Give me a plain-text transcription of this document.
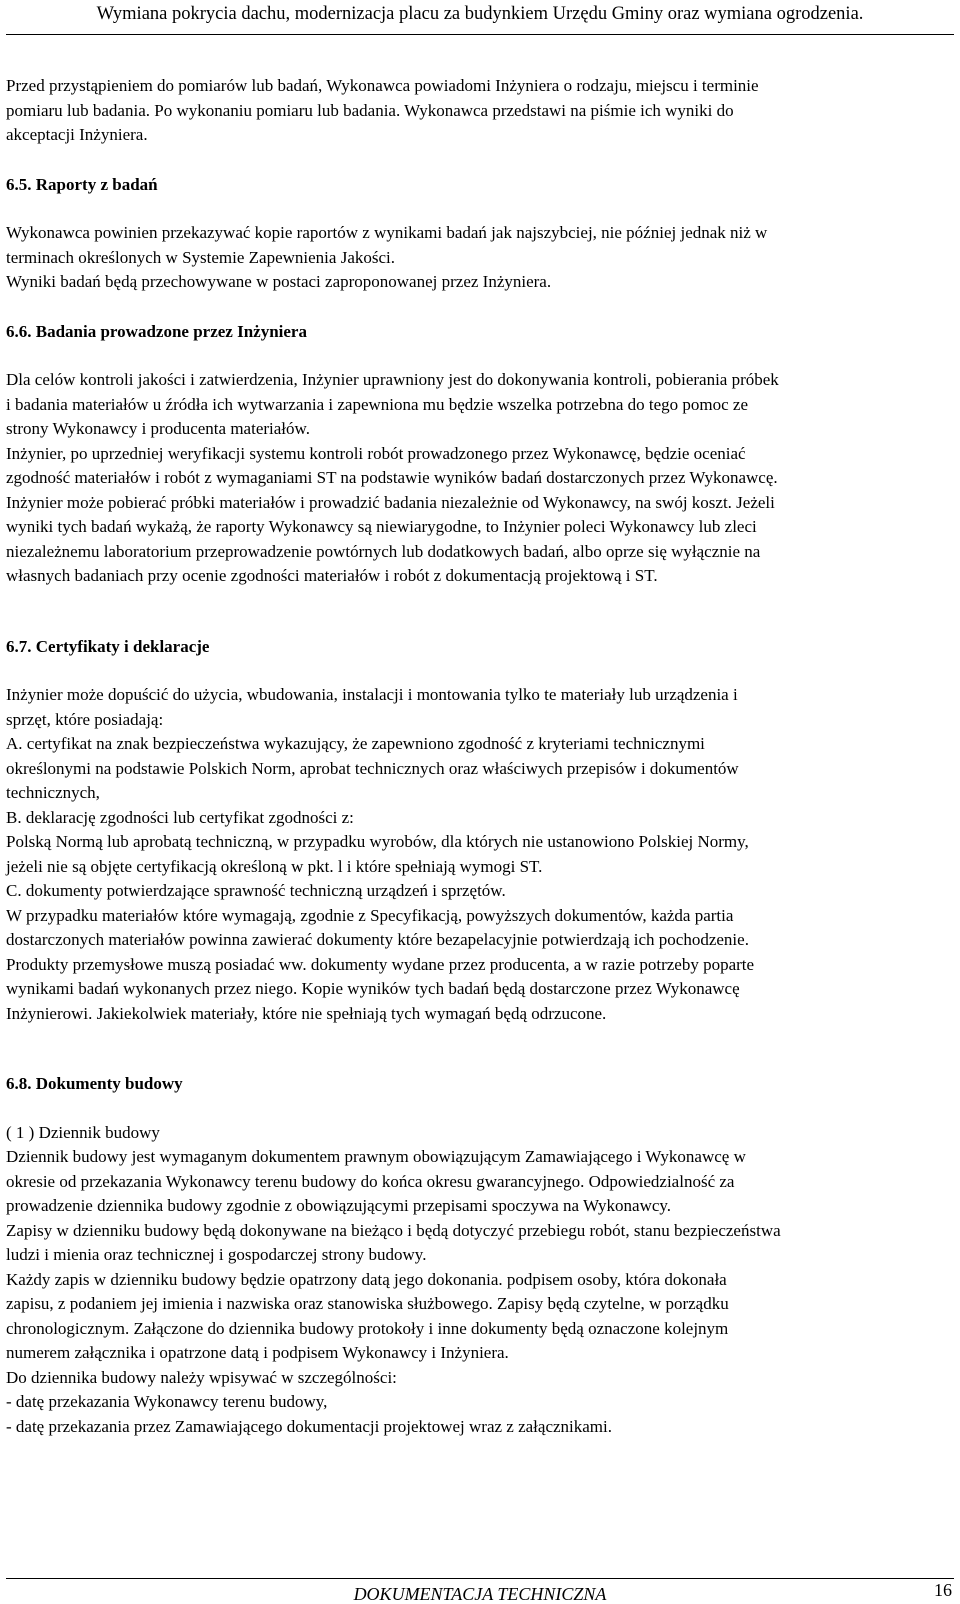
Wymiana pokrycia dachu, modernizacja placu za budynkiem Urzędu Gminy oraz wymiana ogrodzenia.

Przed przystąpieniem do pomiarów lub badań, Wykonawca powiadomi Inżyniera o rodzaju, miejscu i terminie

pomiaru lub badania. Po wykonaniu pomiaru lub badania. Wykonawca przedstawi na piśmie ich wyniki do

akceptacji Inżyniera.

6.5. Raporty z badań

Wykonawca powinien przekazywać kopie raportów z wynikami badań jak najszybciej, nie później jednak niż w

terminach określonych w Systemie Zapewnienia Jakości.

Wyniki badań będą przechowywane w postaci zaproponowanej przez Inżyniera.

6.6. Badania prowadzone przez Inżyniera

Dla celów kontroli jakości i zatwierdzenia, Inżynier uprawniony jest do dokonywania kontroli, pobierania próbek

i badania materiałów u źródła ich wytwarzania i zapewniona mu będzie wszelka potrzebna do tego pomoc ze

strony Wykonawcy i producenta materiałów.

Inżynier, po uprzedniej weryfikacji systemu kontroli robót prowadzonego przez Wykonawcę, będzie oceniać

zgodność materiałów i robót z wymaganiami ST na podstawie wyników badań dostarczonych przez Wykonawcę.

Inżynier może pobierać próbki materiałów i prowadzić badania niezależnie od Wykonawcy, na swój koszt. Jeżeli

wyniki tych badań wykażą, że raporty Wykonawcy są niewiarygodne, to Inżynier poleci Wykonawcy lub zleci

niezależnemu laboratorium przeprowadzenie powtórnych lub dodatkowych badań, albo oprze się wyłącznie na

własnych badaniach przy ocenie zgodności materiałów i robót z dokumentacją projektową i ST.

6.7. Certyfikaty i deklaracje

Inżynier może dopuścić do użycia, wbudowania, instalacji i montowania tylko te materiały lub urządzenia i

sprzęt, które posiadają:

A. certyfikat na znak bezpieczeństwa wykazujący, że zapewniono zgodność z kryteriami technicznymi

określonymi na podstawie Polskich Norm, aprobat technicznych oraz właściwych przepisów i dokumentów

technicznych,

B. deklarację zgodności lub certyfikat zgodności z:

Polską Normą lub aprobatą techniczną, w przypadku wyrobów, dla których nie ustanowiono Polskiej Normy,

jeżeli nie są objęte certyfikacją określoną w pkt. l i które spełniają wymogi ST.

C. dokumenty potwierdzające sprawność techniczną urządzeń i sprzętów.

W przypadku materiałów które wymagają, zgodnie z Specyfikacją, powyższych dokumentów, każda partia

dostarczonych materiałów powinna zawierać dokumenty które bezapelacyjnie potwierdzają ich pochodzenie.

Produkty przemysłowe muszą posiadać ww. dokumenty wydane przez producenta, a w razie potrzeby poparte

wynikami badań wykonanych przez niego. Kopie wyników tych badań będą dostarczone przez Wykonawcę

Inżynierowi. Jakiekolwiek materiały, które nie spełniają tych wymagań będą odrzucone.

6.8. Dokumenty budowy

( 1 ) Dziennik budowy

Dziennik budowy jest wymaganym dokumentem prawnym obowiązującym Zamawiającego i Wykonawcę w

okresie od przekazania Wykonawcy terenu budowy do końca okresu gwarancyjnego. Odpowiedzialność za

prowadzenie dziennika budowy zgodnie z obowiązującymi przepisami spoczywa na Wykonawcy.

Zapisy w dzienniku budowy będą dokonywane na bieżąco i będą dotyczyć przebiegu robót, stanu bezpieczeństwa

ludzi i mienia oraz technicznej i gospodarczej strony budowy.

Każdy zapis w dzienniku budowy będzie opatrzony datą jego dokonania. podpisem osoby, która dokonała

zapisu, z podaniem jej imienia i nazwiska oraz stanowiska służbowego. Zapisy będą czytelne, w porządku

chronologicznym. Załączone do dziennika budowy protokoły i inne dokumenty będą oznaczone kolejnym

numerem załącznika i opatrzone datą i podpisem Wykonawcy i Inżyniera.

Do dziennika budowy należy wpisywać w szczególności:

- datę przekazania Wykonawcy terenu budowy,

- datę przekazania przez Zamawiającego dokumentacji projektowej wraz z załącznikami.

DOKUMENTACJA TECHNICZNA	16
